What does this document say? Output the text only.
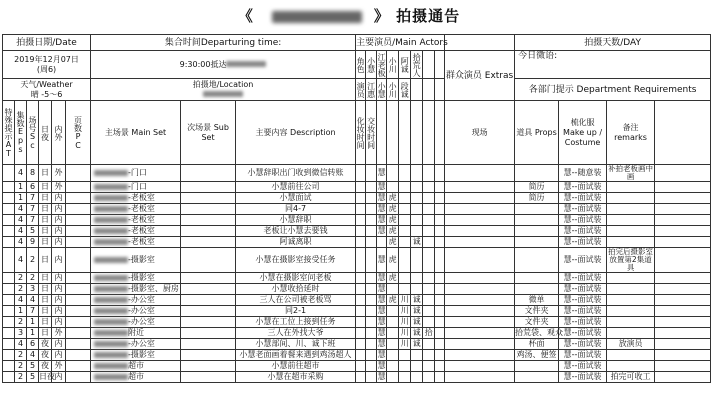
《	》 拍摄通告
拍摄日期/Date						集合时间Departuring time:			主要演员/Main Actors									拍摄天数/DAY			

2019年12月07日
(周6)						9:30:00抵达			角色	小慧	江老板	小川	阿诚	拾荒人			群众演员 Extras	今日微语:			

天气/Weather
晴 -5～6						拍摄地/Location			演员	江惠	小慧	小川	段诚					各部门提示 Department Requirements			
特殊提示AT	集数Eps	场号Sc	日夜	内外	页数PC	主场景 Main Set	次场景 Sub Set	主要内容 Description	化妆时间	交妆时间							现场	道具 Props	梳化服 Make up / Costume	备注 remarks	
	4	8	日	外		-门口		小慧辞职出门收到微信转账			慧								慧--随意装	补拍老板画中画	
	1	6	日	外		-门口		小慧前往公司			慧							简历	慧--面试装		
	1	7	日	内		-老板室		小慧面试			慧	虎						简历	慧--面试装		
	4	7	日	内		-老板室		同4-7			慧	虎							慧--面试装		
	4	7	日	内		-老板室		小慧辞职			慧	虎							慧--面试装		
	4	5	日	内		-老板室		老板让小慧去要钱			慧	虎							慧--面试装		
	4	9	日	内		-老板室		阿诚离职				虎		诚					慧--面试装		
	4	2	日	内		-摄影室		小慧在摄影室接受任务			慧	虎							慧--面试装	拍完后摄影室放置第2集道具	
	2	2	日	内		-摄影室		小慧在摄影室问老板			慧	虎							慧--面试装		
	2	3	日	内		-摄影室、厨房		小慧收拾延时			慧								慧--面试装		
	4	4	日	内		-办公室		三人在公司被老板骂			慧	虎	川	诚				微单	慧--面试装		
	1	7	日	内		-办公室		同2-1			慧		川	诚				文件夹	慧--面试装		
	2	1	日	内		-办公室		小慧在工位上接到任务			慧		川	诚				文件夹	慧--面试装		
	3	1	日	外		附近		三人在外找大爷			慧		川	诚	拾			拾荒袋、观众	慧--面试装		
	4	6	夜	内		-办公室		小慧部间、川、诚下班			慧		川	诚				杯面	慧--面试装	放演员	
	2	4	夜	内		-摄影室		小慧老面画着餐来遇到鸡汤超人			慧							鸡汤、便签	慧--面试装		
	2	5	夜	外		超市		小慧前往超市			慧								慧--面试装		
	2	5	日夜	内		超市		小慧在超市采购			慧								慧--面试装	拍完可收工	
